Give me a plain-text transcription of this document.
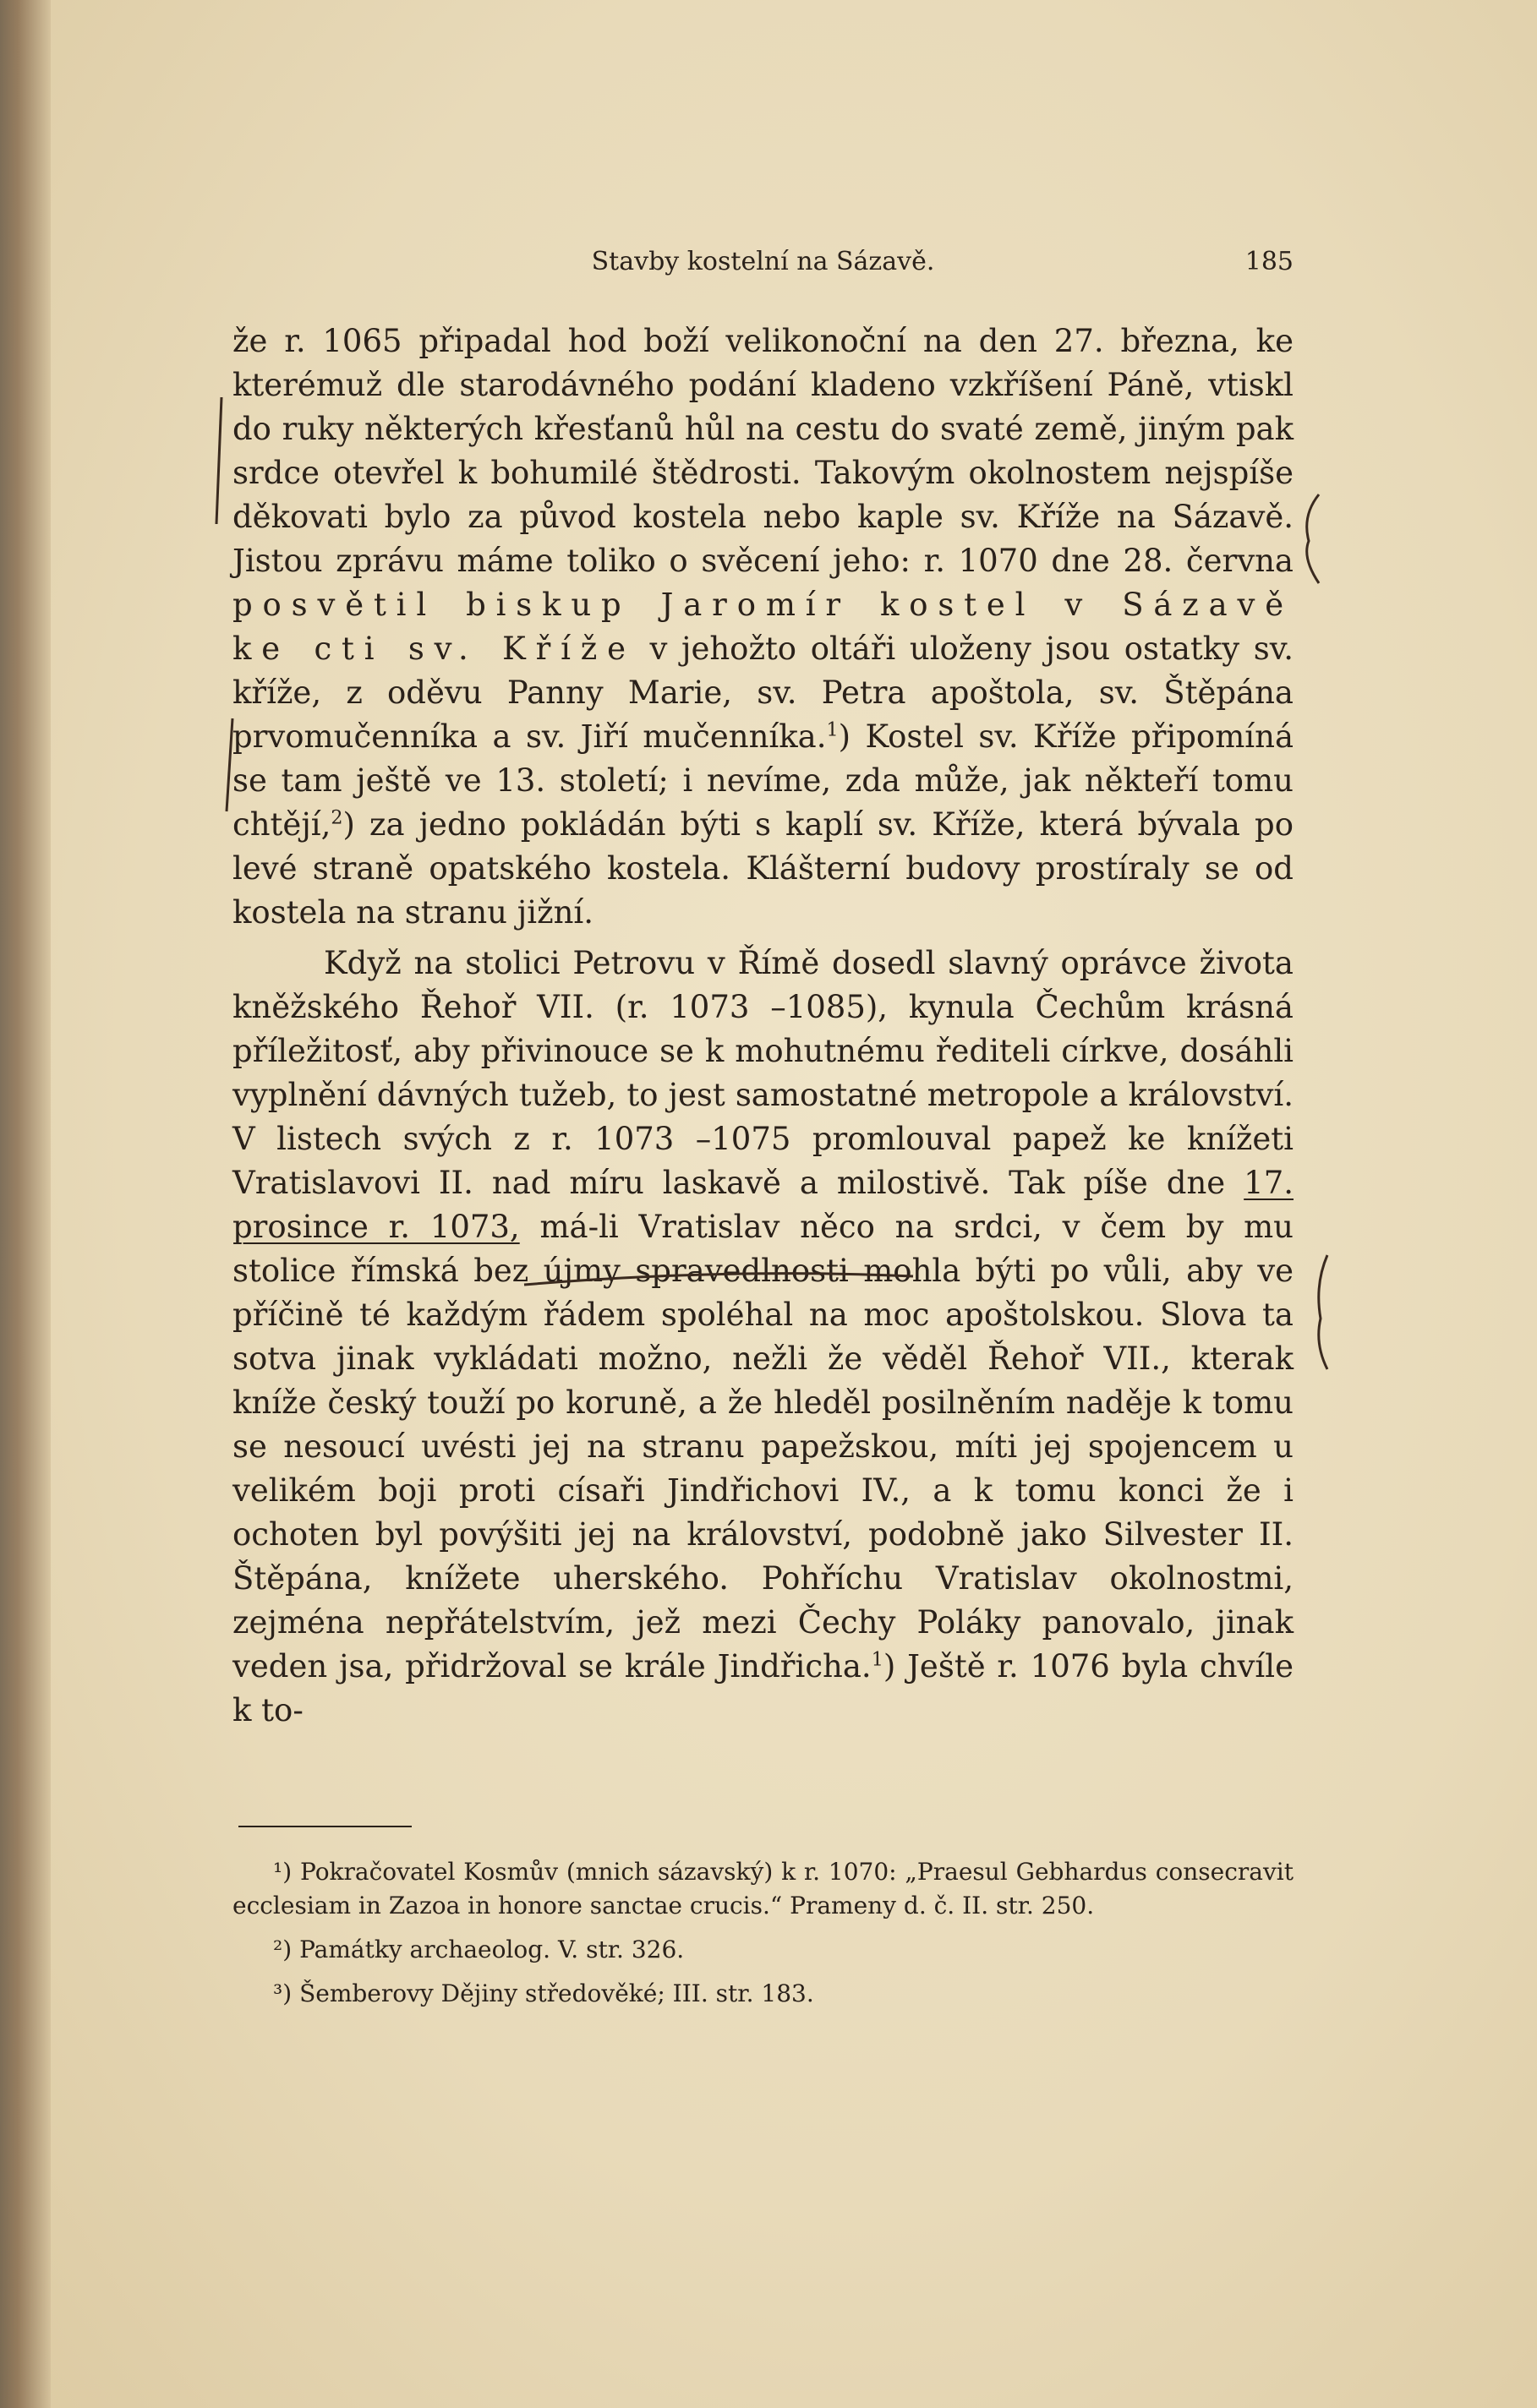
Stavby kostelní na Sázavě.	185

že r. 1065 připadal hod boží velikonoční na den 27. března, ke kterémuž dle starodávného podání kladeno vzkříšení Páně, vtiskl do ruky některých křesťanů hůl na cestu do svaté země, jiným pak srdce otevřel k bohumilé štědrosti. Takovým okolnostem nejspíše děkovati bylo za původ kostela nebo kaple sv. Kříže na Sázavě. Jistou zprávu máme toliko o svěcení jeho: r. 1070 dne 28. června posvětil biskup Jaromír kostel v Sázavě ke cti sv. Kříže v jehožto oltáři uloženy jsou ostatky sv. kříže, z oděvu Panny Marie, sv. Petra apoštola, sv. Štěpána prvomučenníka a sv. Jiří mučenníka.$^1$) Kostel sv. Kříže připomíná se tam ještě ve 13. století; i nevíme, zda může, jak někteří tomu chtějí,$^2$) za jedno pokládán býti s kaplí sv. Kříže, která bývala po levé straně opatského kostela. Klášterní budovy prostíraly se od kostela na stranu jižní.

Když na stolici Petrovu v Římě dosedl slavný oprávce života kněžského Řehoř VII. (r. 1073 –1085), kynula Čechům krásná příležitosť, aby přivinouce se k mohutnému řediteli církve, dosáhli vyplnění dávných tužeb, to jest samostatné metropole a království. V listech svých z r. 1073 –1075 promlouval papež ke knížeti Vratislavovi II. nad míru laskavě a milostivě. Tak píše dne 17. prosince r. 1073, má-li Vratislav něco na srdci, v čem by mu stolice římská bez újmy spravedlnosti mohla býti po vůli, aby ve příčině té každým řádem spoléhal na moc apoštolskou. Slova ta sotva jinak vykládati možno, nežli že věděl Řehoř VII., kterak kníže český touží po koruně, a že hleděl posilněním naděje k tomu se nesoucí uvésti jej na stranu papežskou, míti jej spojencem u velikém boji proti císaři Jindřichovi IV., a k tomu konci že i ochoten byl povýšiti jej na království, podobně jako Silvester II. Štěpána, knížete uherského. Pohříchu Vratislav okolnostmi, zejména nepřátelstvím, jež mezi Čechy Poláky panovalo, jinak veden jsa, přidržoval se krále Jindřicha.$^1$) Ještě r. 1076 byla chvíle k to-

¹) Pokračovatel Kosmův (mnich sázavský) k r. 1070: „Praesul Gebhardus consecravit ecclesiam in Zazoa in honore sanctae crucis.“ Prameny d. č. II. str. 250.

²) Památky archaeolog. V. str. 326.

³) Šemberovy Dějiny středověké; III. str. 183.
